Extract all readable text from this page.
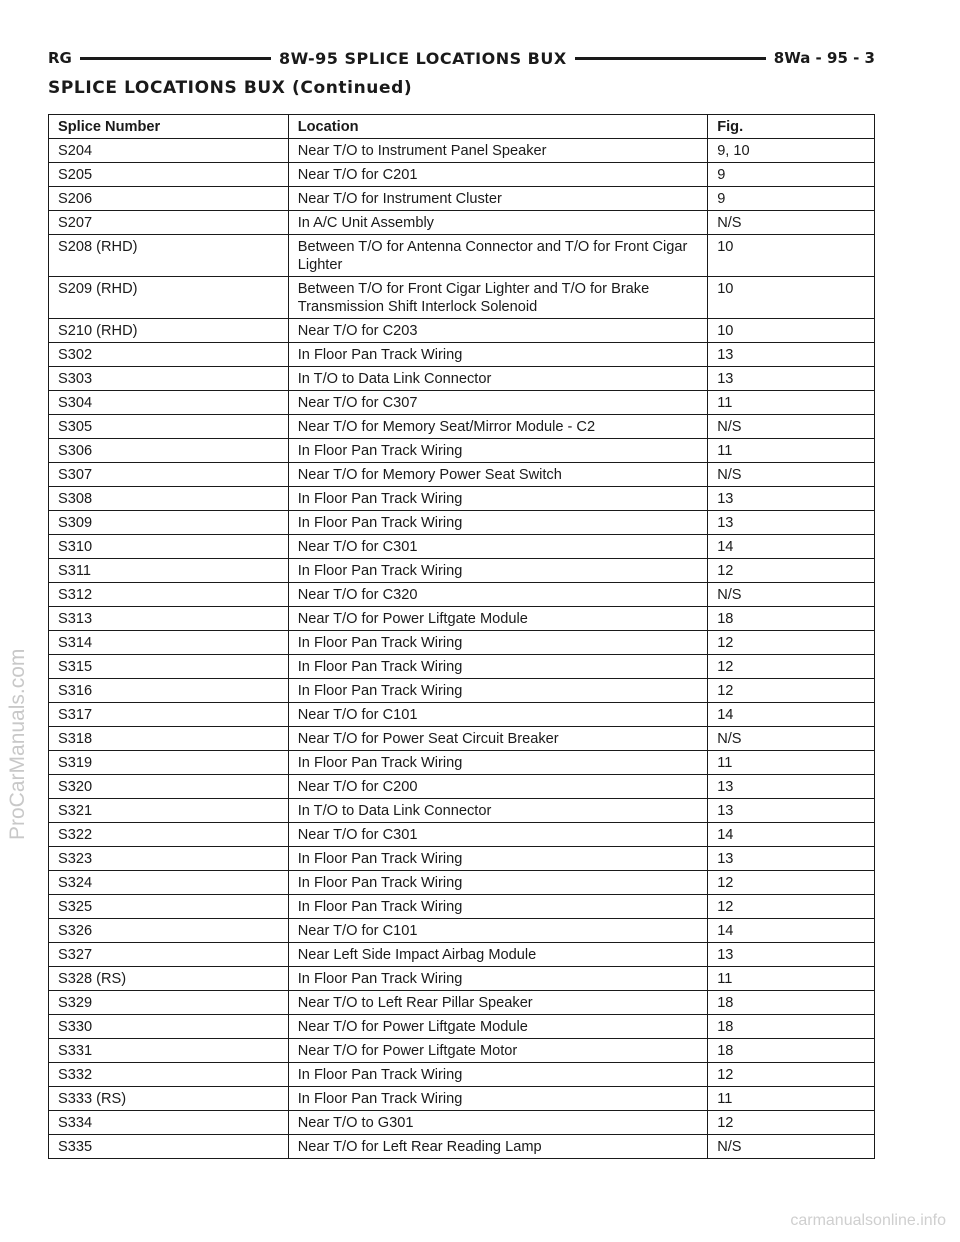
RG	8W-95 SPLICE LOCATIONS BUX	8Wa - 95 - 3
SPLICE LOCATIONS BUX (Continued)
Splice Number	Location	Fig.
S204	Near T/O to Instrument Panel Speaker	9, 10
S205	Near T/O for C201	9
S206	Near T/O for Instrument Cluster	9
S207	In A/C Unit Assembly	N/S
S208 (RHD)	Between T/O for Antenna Connector and T/O for Front Cigar Lighter	10
S209 (RHD)	Between T/O for Front Cigar Lighter and T/O for Brake Transmission Shift Interlock Solenoid	10
S210 (RHD)	Near T/O for C203	10
S302	In Floor Pan Track Wiring	13
S303	In T/O to Data Link Connector	13
S304	Near T/O for C307	11
S305	Near T/O for Memory Seat/Mirror Module - C2	N/S
S306	In Floor Pan Track Wiring	11
S307	Near T/O for Memory Power Seat Switch	N/S
S308	In Floor Pan Track Wiring	13
S309	In Floor Pan Track Wiring	13
S310	Near T/O for C301	14
S311	In Floor Pan Track Wiring	12
S312	Near T/O for C320	N/S
S313	Near T/O for Power Liftgate Module	18
S314	In Floor Pan Track Wiring	12
S315	In Floor Pan Track Wiring	12
S316	In Floor Pan Track Wiring	12
S317	Near T/O for C101	14
S318	Near T/O for Power Seat Circuit Breaker	N/S
S319	In Floor Pan Track Wiring	11
S320	Near T/O for C200	13
S321	In T/O to Data Link Connector	13
S322	Near T/O for C301	14
S323	In Floor Pan Track Wiring	13
S324	In Floor Pan Track Wiring	12
S325	In Floor Pan Track Wiring	12
S326	Near T/O for C101	14
S327	Near Left Side Impact Airbag Module	13
S328 (RS)	In Floor Pan Track Wiring	11
S329	Near T/O to Left Rear Pillar Speaker	18
S330	Near T/O for Power Liftgate Module	18
S331	Near T/O for Power Liftgate Motor	18
S332	In Floor Pan Track Wiring	12
S333 (RS)	In Floor Pan Track Wiring	11
S334	Near T/O to G301	12
S335	Near T/O for Left Rear Reading Lamp	N/S
ProCarManuals.com
carmanualsonline.info
